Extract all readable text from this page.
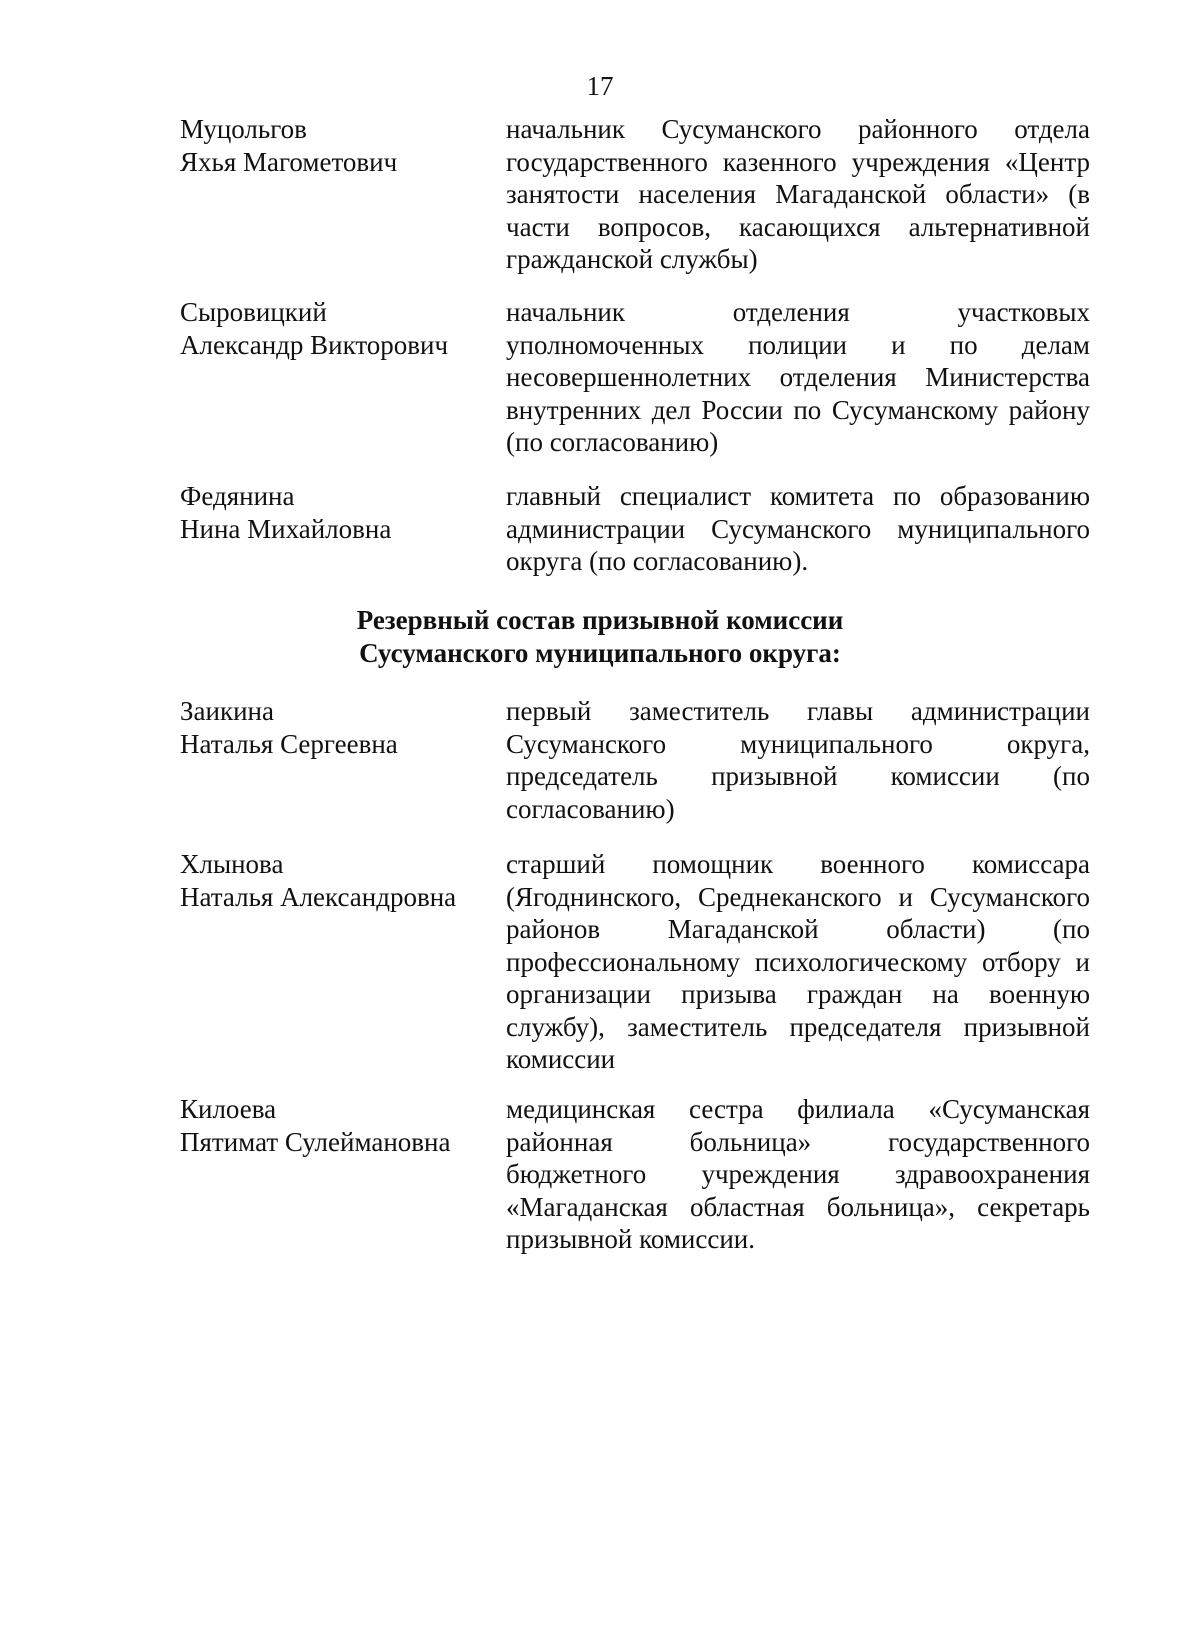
17
Муцольгов
Яхья Магометович
начальник Сусуманского районного отдела государственного казенного учреждения «Центр занятости населения Магаданской области» (в части вопросов, касающихся альтернативной гражданской службы)
Сыровицкий
Александр Викторович
начальник отделения участковых уполномоченных полиции и по делам несовершеннолетних отделения Министерства внутренних дел России по Сусуманскому району (по согласованию)
Федянина
Нина Михайловна
главный специалист комитета по образованию администрации Сусуманского муниципального округа (по согласованию).
Резервный состав призывной комиссии
Сусуманского муниципального округа:
Заикина
Наталья Сергеевна
первый заместитель главы администрации Сусуманского муниципального округа, председатель призывной комиссии (по согласованию)
Хлынова
Наталья Александровна
старший помощник военного комиссара (Ягоднинского, Среднеканского и Сусуманского районов Магаданской области) (по профессиональному психологическому отбору и организации призыва граждан на военную службу), заместитель председателя призывной комиссии
Килоева
Пятимат Сулеймановна
медицинская сестра филиала «Сусуманская районная больница» государственного бюджетного учреждения здравоохранения «Магаданская областная больница», секретарь призывной комиссии.
